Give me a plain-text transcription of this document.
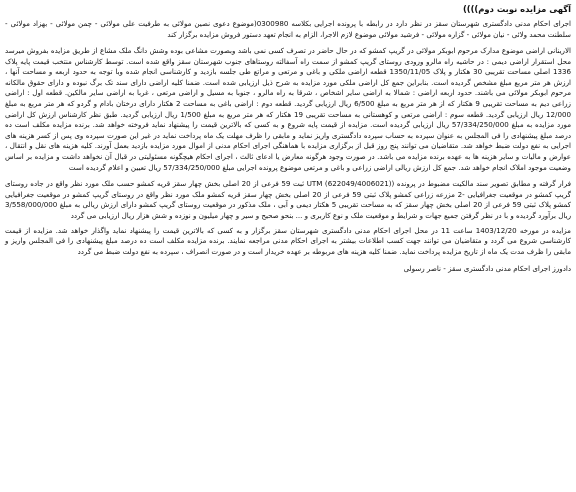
آگهی مزایده نوبت دوم))))
اجرای احکام مدنی دادگستری شهرستان سقز در نظر دارد در رابطه با پرونده اجرایی بکلاسه 0300980(موضوع دعوی نصین مولائی به طرفیت علی مولائی - چمن مولائی - بهزاد مولائی - سلطنت محمد ولائی - نیان مولائی - گزاره مولائی - فرشید مولائی موضوع لازم الاجرا، الزام به انجام تعهد دستور فروش مزایده برگزار کند
الارینانی اراضی موضوع مدارک مرحوم ابوبکر مولائی در گریپ کمشو که در حال حاضر در تصرف کسی نمی باشد وبصورت مشاعی بوده وشش دانگ ملک مشاع از طریق مزایده بفروش میرسد محل استقرار اراضی دیمی : در حاشیه راه مالرو ورودی روستای گریپ کمشو از سمت راه آسفالته روستاهای جنوب شهرستان سقز واقع شده است. توسط کارشناس منتخب قیمت پایه پلاک 1336 اصلی مساحت تقریبی 30 هکتار و پلاک 1350/11/05 قطعه اراضی ملکی و باغی و مرتعی و مراتع طی جلسه بازدید و کارشناسی انجام شده وبا توجه به حدود اربعه و مساحت آنها ، ارزش هر متر مربع مبلغ مشخص گردیده است. بنابراین جمع کل اراضی ملکی مورد مزایده به شرح ذیل ارزیابی شده است. ضمنا کلیه اراضی دارای سند تک برگ نبوده و دارای حقوق مالکانه مرحوم ابوبکر مولائی می باشند. حدود اربعه اراضی : شمالا به اراضی سایر اشخاص ، شرقا به راه مالرو ، جنوبا به مسیل و اراضی مرتعی ، غربا به اراضی سایر مالکین. قطعه اول : اراضی زراعی دیم به مساحت تقریبی 9 هکتار که از هر متر مربع به مبلغ 6/500 ریال ارزیابی گردید. قطعه دوم : اراضی باغی به مساحت 2 هکتار دارای درختان بادام و گردو که هر متر مربع به مبلغ 12/000 ریال ارزیابی گردید. قطعه سوم : اراضی مرتعی و کوهستانی به مساحت تقریبی 19 هکتار که هر متر مربع به مبلغ 1/500 ریال ارزیابی گردید. طبق نظر کارشناس ارزش کل اراضی مورد مزایده به مبلغ 57/334/250/000 ریال ارزیابی گردیده است. مزایده از قیمت پایه شروع و به کسی که بالاترین قیمت را پیشنهاد نماید فروخته خواهد شد. برنده مزایده مکلف است ده درصد مبلغ پیشنهادی را فی المجلس به عنوان سپرده به حساب سپرده دادگستری واریز نماید و مابقی را ظرف مهلت یک ماه پرداخت نماید در غیر این صورت سپرده وی پس از کسر هزینه های اجرایی به نفع دولت ضبط خواهد شد. متقاضیان می توانند پنج روز قبل از برگزاری مزایده با هماهنگی اجرای احکام مدنی از اموال مورد مزایده بازدید بعمل آورند. کلیه هزینه های نقل و انتقال ، عوارض و مالیات و سایر هزینه ها به عهده برنده مزایده می باشد. در صورت وجود هرگونه معارض یا ادعای ثالث ، اجرای احکام هیچگونه مسئولیتی در قبال آن نخواهد داشت و مزایده بر اساس وضعیت موجود املاک انجام خواهد شد. جمع کل ارزش ریالی اراضی زراعی و باغی و مرتعی موضوع پرونده اجرایی مبلغ 57/334/250/000 ریال تعیین و اعلام گردیده است
فرار گرفته و مطابق تصویر سند مالکیت مضبوط در پرونده (UTM (622049/4006021) ثبت 59 فرعی از 20 اصلی بخش چهار سقز قریه کمشو حسب ملک مورد نظر واقع در جاده روستای گریپ کمشو در موقعیت جغرافیایی -2 مزرعه زراعی کمشو پلاک ثبتی 59 فرعی از 20 اصلی بخش چهار سقز قریه کمشو ملک مورد نظر واقع در روستای گریپ کمشو در موقعیت جغرافیایی کمشو پلاک ثبتی 59 فرعی از 20 اصلی بخش چهار سقز که به مساحت تقریبی 5 هکتار دیمی و آبی ، ملک مذکور در موقعیت روستای گریپ کمشو دارای ارزش ریالی به مبلغ 3/558/000/000 ریال برآورد گردیده و با در نظر گرفتن جمیع جهات و شرایط و موقعیت ملک و نوع کاربری و ... بنحو صحیح و سیر و چهار میلیون و نوزده و شش هزار ریال ارزیابی می گردد
مزایده در مورخه 1403/12/20 ساعت 11 در محل اجرای احکام مدنی دادگستری شهرستان سقز برگزار و به کسی که بالاترین قیمت را پیشنهاد نماید واگذار خواهد شد. مزایده از قیمت کارشناسی شروع می گردد و متقاضیان می توانند جهت کسب اطلاعات بیشتر به اجرای احکام مدنی مراجعه نمایند. برنده مزایده مکلف است ده درصد مبلغ پیشنهادی را فی المجلس واریز و مابقی را ظرف مدت یک ماه از تاریخ مزایده پرداخت نماید. ضمنا کلیه هزینه های مربوطه بر عهده خریدار است و در صورت انصراف ، سپرده به نفع دولت ضبط می گردد
دادورز اجرای احکام مدنی دادگستری سقز - ناصر رسولی
